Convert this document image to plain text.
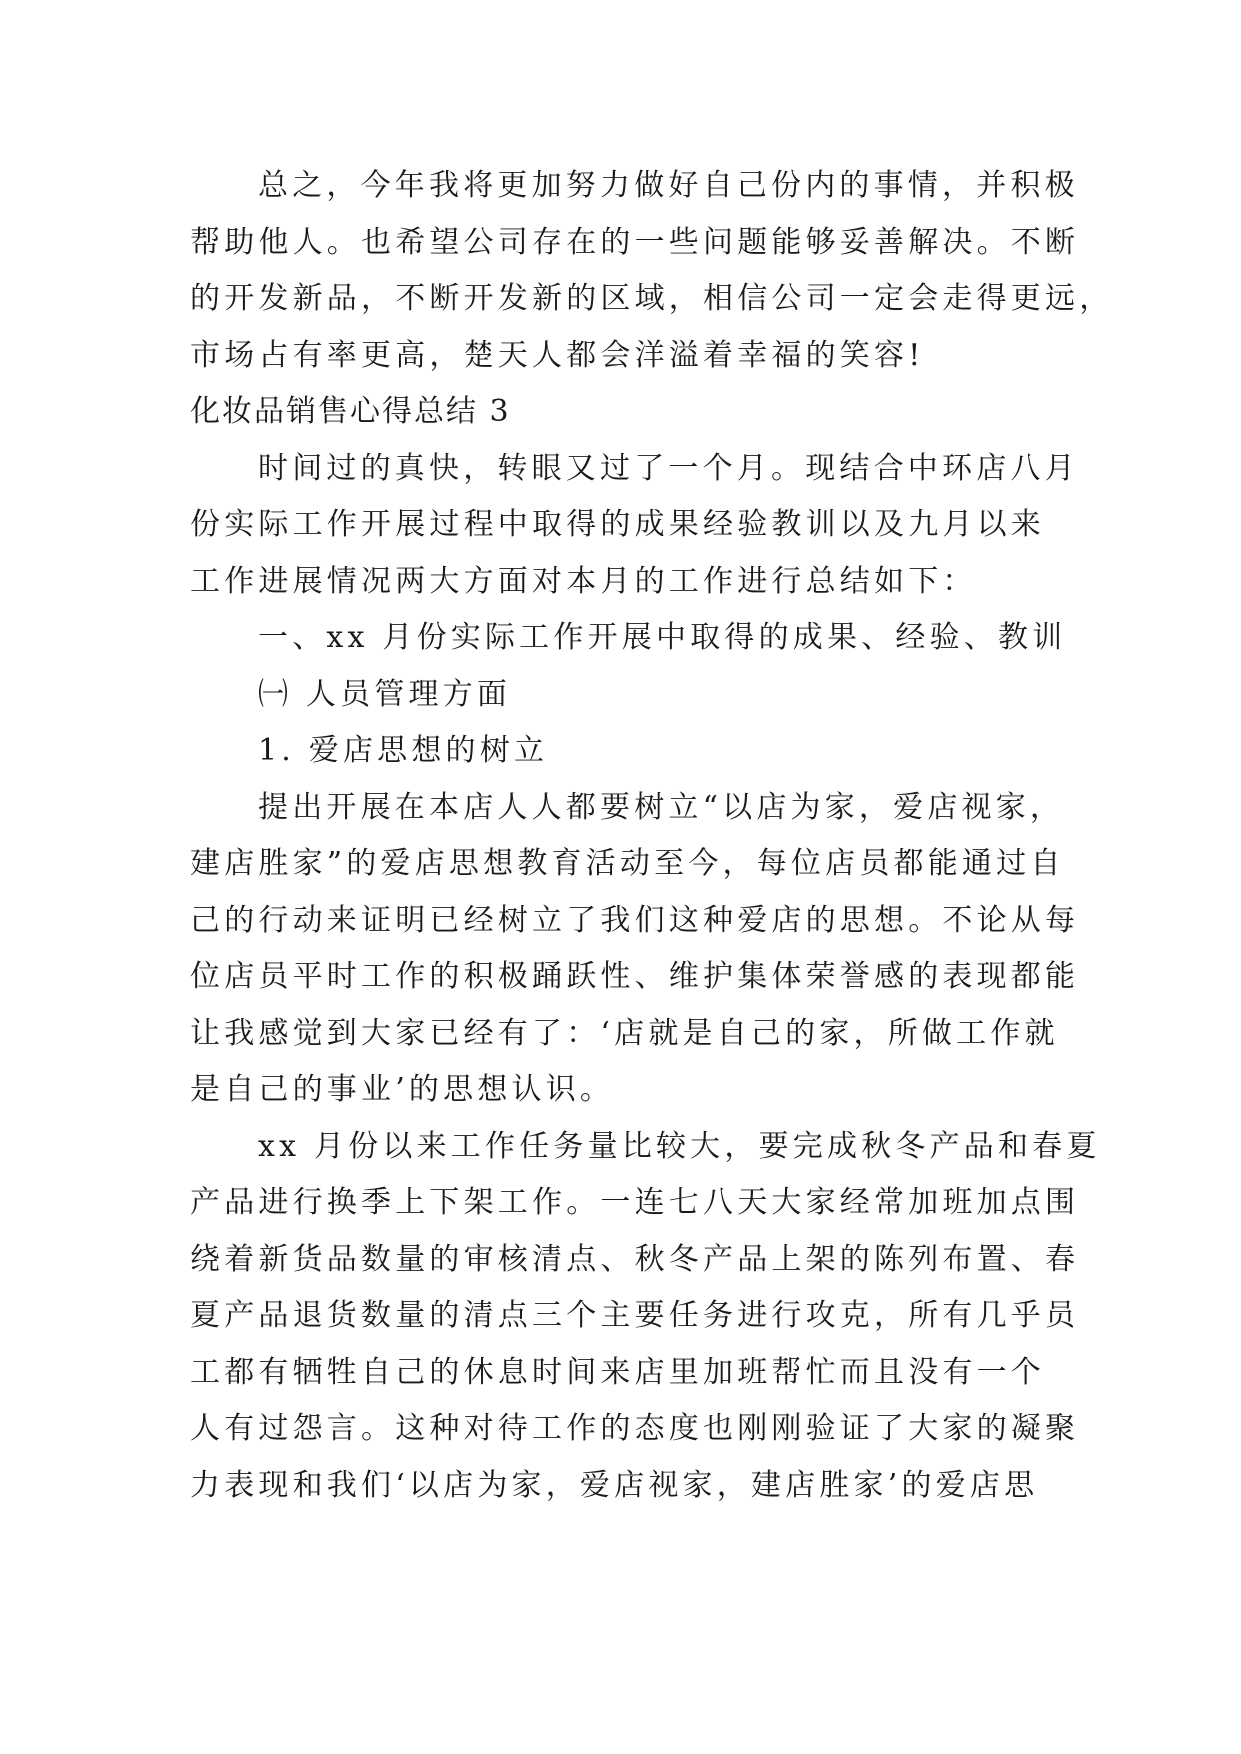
总之，今年我将更加努力做好自己份内的事情，并积极

帮助他人。也希望公司存在的一些问题能够妥善解决。不断

的开发新品，不断开发新的区域，相信公司一定会走得更远，

市场占有率更高，楚天人都会洋溢着幸福的笑容!

化妆品销售心得总结 3

时间过的真快，转眼又过了一个月。现结合中环店八月

份实际工作开展过程中取得的成果经验教训以及九月以来

工作进展情况两大方面对本月的工作进行总结如下：

一、xx 月份实际工作开展中取得的成果、经验、教训

㈠ 人员管理方面

1. 爱店思想的树立

提出开展在本店人人都要树立“以店为家，爱店视家，

建店胜家”的爱店思想教育活动至今，每位店员都能通过自

己的行动来证明已经树立了我们这种爱店的思想。不论从每

位店员平时工作的积极踊跃性、维护集体荣誉感的表现都能

让我感觉到大家已经有了：‘店就是自己的家，所做工作就

是自己的事业’的思想认识。

xx 月份以来工作任务量比较大，要完成秋冬产品和春夏

产品进行换季上下架工作。一连七八天大家经常加班加点围

绕着新货品数量的审核清点、秋冬产品上架的陈列布置、春

夏产品退货数量的清点三个主要任务进行攻克，所有几乎员

工都有牺牲自己的休息时间来店里加班帮忙而且没有一个

人有过怨言。这种对待工作的态度也刚刚验证了大家的凝聚

力表现和我们‘以店为家，爱店视家，建店胜家’的爱店思
